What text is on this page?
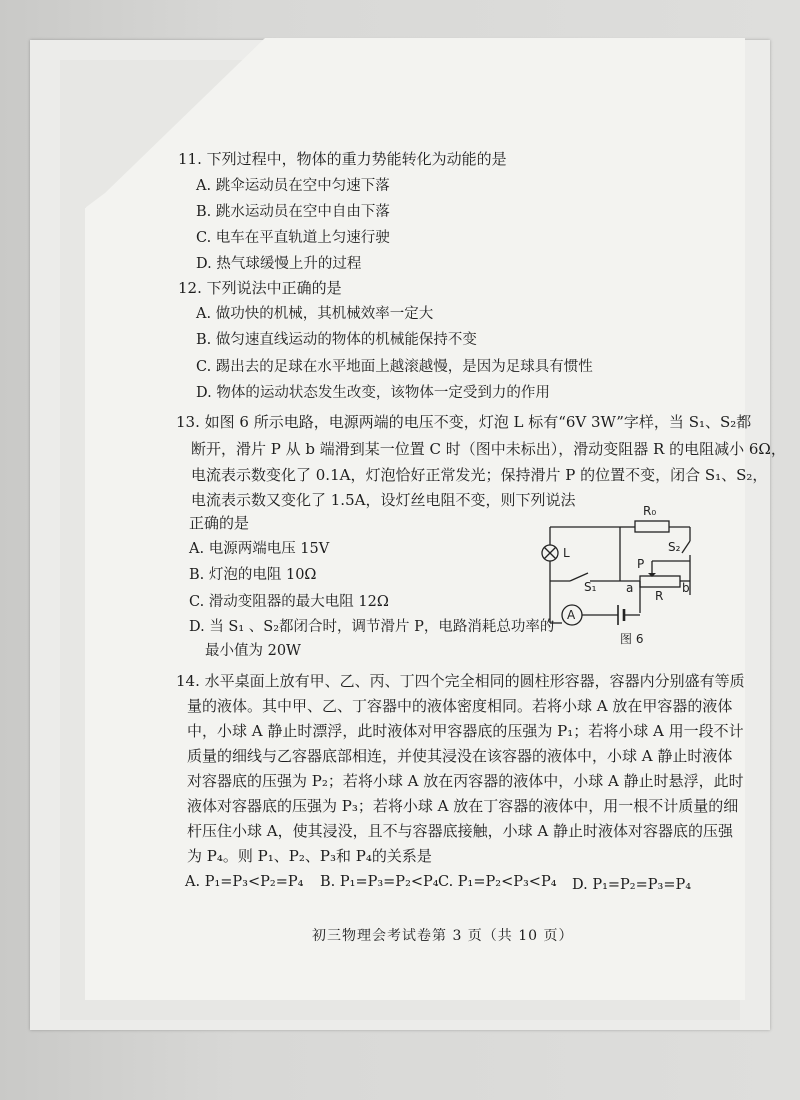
11. 下列过程中，物体的重力势能转化为动能的是
A. 跳伞运动员在空中匀速下落
B. 跳水运动员在空中自由下落
C. 电车在平直轨道上匀速行驶
D. 热气球缓慢上升的过程
12. 下列说法中正确的是
A. 做功快的机械，其机械效率一定大
B. 做匀速直线运动的物体的机械能保持不变
C. 踢出去的足球在水平地面上越滚越慢，是因为足球具有惯性
D. 物体的运动状态发生改变，该物体一定受到力的作用
13. 如图 6 所示电路，电源两端的电压不变，灯泡 L 标有“6V 3W”字样，当 S₁、S₂都
断开，滑片 P 从 b 端滑到某一位置 C 时（图中未标出），滑动变阻器 R 的电阻减小 6Ω，
电流表示数变化了 0.1A，灯泡恰好正常发光；保持滑片 P 的位置不变，闭合 S₁、S₂，
电流表示数又变化了 1.5A，设灯丝电阻不变，则下列说法
正确的是
A. 电源两端电压 15V
B. 灯泡的电阻 10Ω
C. 滑动变阻器的最大电阻 12Ω
D. 当 S₁ 、S₂都闭合时，调节滑片 P，电路消耗总功率的
最小值为 20W
R₀
S₂
L
S₁
P
a
R
b
A
图 6
14. 水平桌面上放有甲、乙、丙、丁四个完全相同的圆柱形容器，容器内分别盛有等质
量的液体。其中甲、乙、丁容器中的液体密度相同。若将小球 A 放在甲容器的液体
中，小球 A 静止时漂浮，此时液体对甲容器底的压强为 P₁；若将小球 A 用一段不计
质量的细线与乙容器底部相连，并使其浸没在该容器的液体中，小球 A 静止时液体
对容器底的压强为 P₂；若将小球 A 放在丙容器的液体中，小球 A 静止时悬浮，此时
液体对容器底的压强为 P₃；若将小球 A 放在丁容器的液体中，用一根不计质量的细
杆压住小球 A，使其浸没，且不与容器底接触，小球 A 静止时液体对容器底的压强
为 P₄。则 P₁、P₂、P₃和 P₄的关系是
A. P₁=P₃<P₂=P₄ B. P₁=P₃=P₂<P₄ C. P₁=P₂<P₃<P₄ D. P₁=P₂=P₃=P₄
初三物理会考试卷第 3 页（共 10 页）
